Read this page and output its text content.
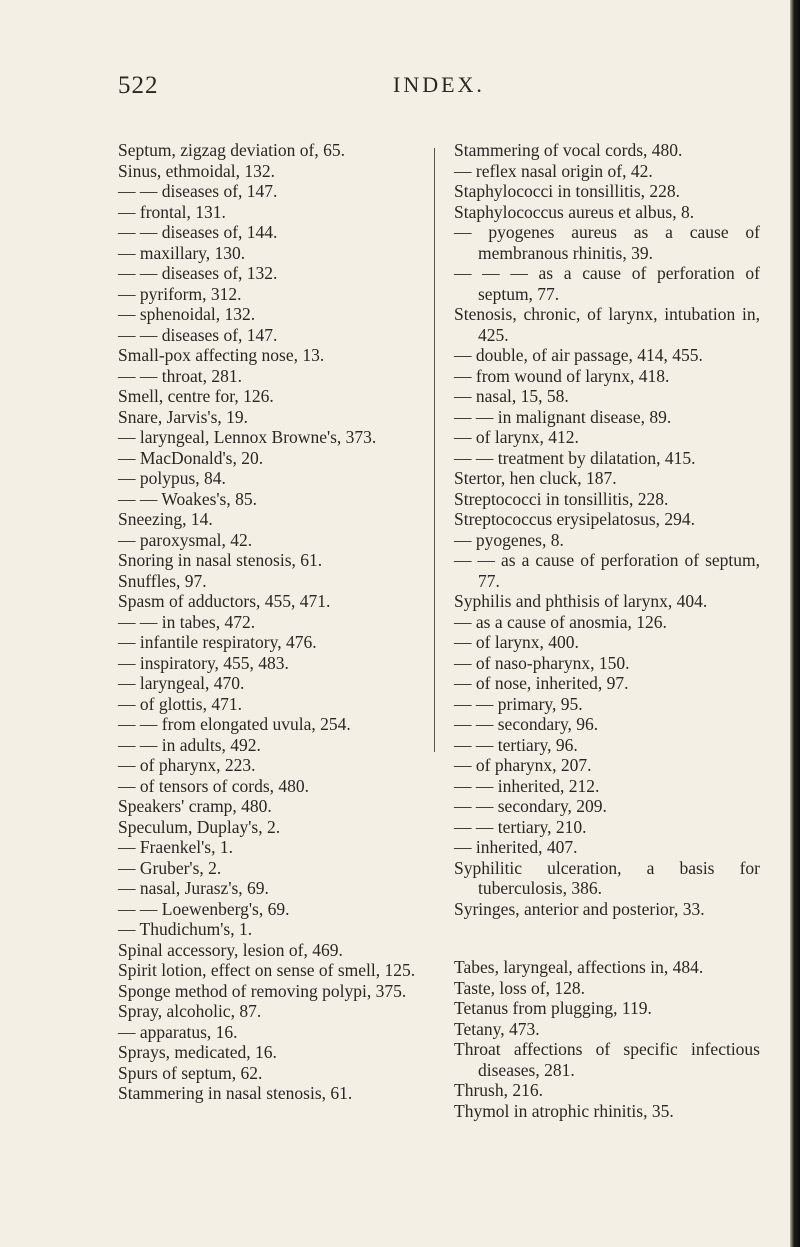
522	INDEX.

Septum, zigzag deviation of, 65.

Sinus, ethmoidal, 132.

— — diseases of, 147.

— frontal, 131.

— — diseases of, 144.

— maxillary, 130.

— — diseases of, 132.

— pyriform, 312.

— sphenoidal, 132.

— — diseases of, 147.

Small-pox affecting nose, 13.

— — throat, 281.

Smell, centre for, 126.

Snare, Jarvis's, 19.

— laryngeal, Lennox Browne's, 373.

— MacDonald's, 20.

— polypus, 84.

— — Woakes's, 85.

Sneezing, 14.

— paroxysmal, 42.

Snoring in nasal stenosis, 61.

Snuffles, 97.

Spasm of adductors, 455, 471.

— — in tabes, 472.

— infantile respiratory, 476.

— inspiratory, 455, 483.

— laryngeal, 470.

— of glottis, 471.

— — from elongated uvula, 254.

— — in adults, 492.

— of pharynx, 223.

— of tensors of cords, 480.

Speakers' cramp, 480.

Speculum, Duplay's, 2.

— Fraenkel's, 1.

— Gruber's, 2.

— nasal, Jurasz's, 69.

— — Loewenberg's, 69.

— Thudichum's, 1.

Spinal accessory, lesion of, 469.

Spirit lotion, effect on sense of smell, 125.

Sponge method of removing polypi, 375.

Spray, alcoholic, 87.

— apparatus, 16.

Sprays, medicated, 16.

Spurs of septum, 62.

Stammering in nasal stenosis, 61.

Stammering of vocal cords, 480.

— reflex nasal origin of, 42.

Staphylococci in tonsillitis, 228.

Staphylococcus aureus et albus, 8.

— pyogenes aureus as a cause of membranous rhinitis, 39.

— — — as a cause of perforation of septum, 77.

Stenosis, chronic, of larynx, intubation in, 425.

— double, of air passage, 414, 455.

— from wound of larynx, 418.

— nasal, 15, 58.

— — in malignant disease, 89.

— of larynx, 412.

— — treatment by dilatation, 415.

Stertor, hen cluck, 187.

Streptococci in tonsillitis, 228.

Streptococcus erysipelatosus, 294.

— pyogenes, 8.

— — as a cause of perforation of septum, 77.

Syphilis and phthisis of larynx, 404.

— as a cause of anosmia, 126.

— of larynx, 400.

— of naso-pharynx, 150.

— of nose, inherited, 97.

— — primary, 95.

— — secondary, 96.

— — tertiary, 96.

— of pharynx, 207.

— — inherited, 212.

— — secondary, 209.

— — tertiary, 210.

— inherited, 407.

Syphilitic ulceration, a basis for tuberculosis, 386.

Syringes, anterior and posterior, 33.

Tabes, laryngeal, affections in, 484.

Taste, loss of, 128.

Tetanus from plugging, 119.

Tetany, 473.

Throat affections of specific infectious diseases, 281.

Thrush, 216.

Thymol in atrophic rhinitis, 35.
